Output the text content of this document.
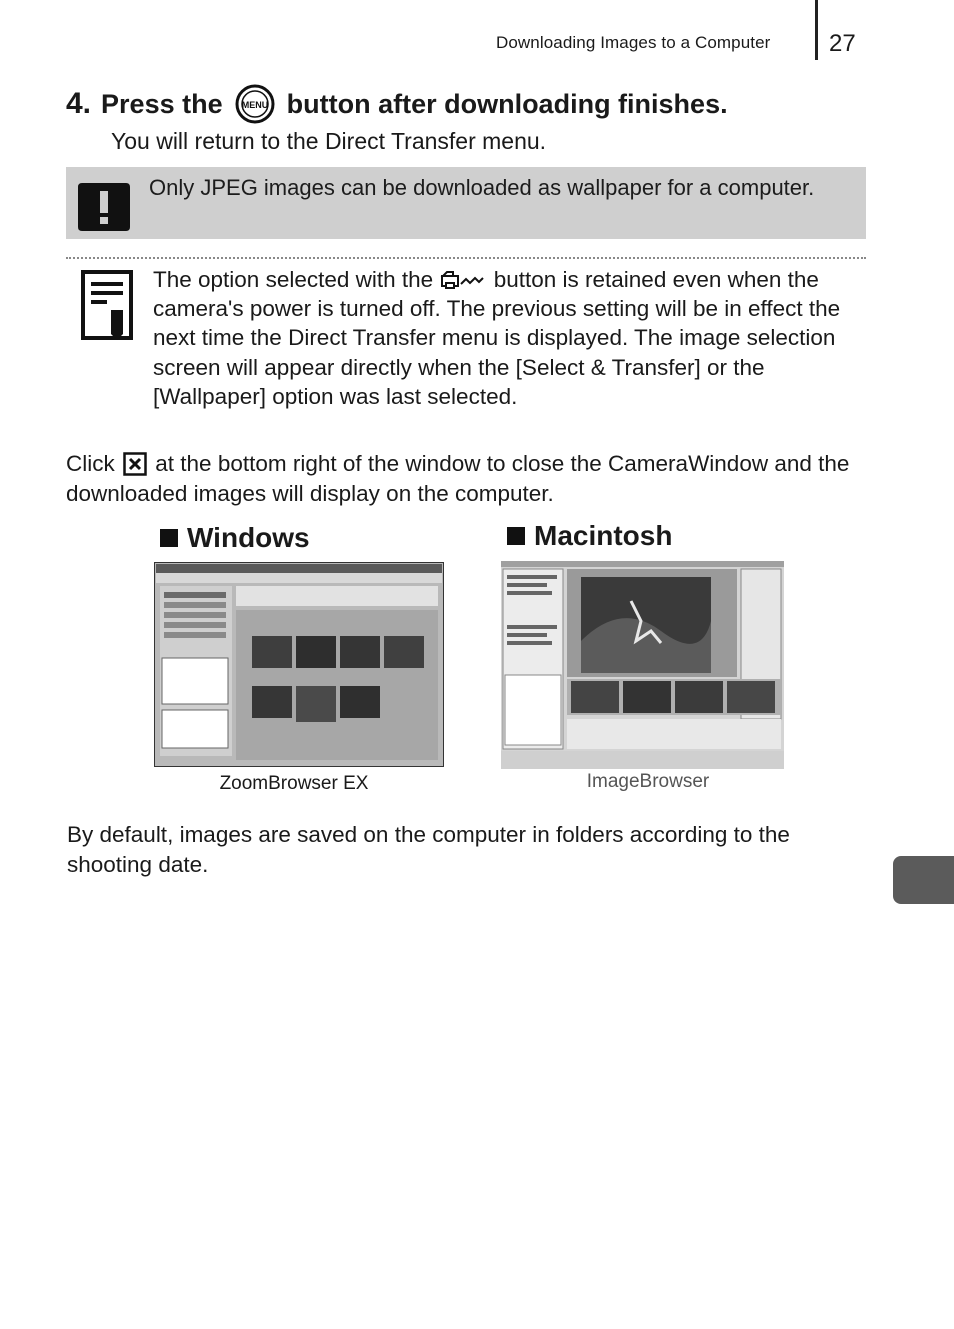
Downloading Images to a Computer 27
4. Press the MENU button after downloading finishes.
You will return to the Direct Transfer menu.
Only JPEG images can be downloaded as wallpaper for a computer.
The option selected with the	button is retained even when the camera's power is turned off. The previous setting will be in effect the next time the Direct Transfer menu is displayed. The image selection screen will appear directly when the [Select & Transfer] or the [Wallpaper] option was last selected.
Click at the bottom right of the window to close the CameraWindow and the downloaded images will display on the computer.
Windows
ZoomBrowser EX
Macintosh
ImageBrowser
By default, images are saved on the computer in folders according to the shooting date.
